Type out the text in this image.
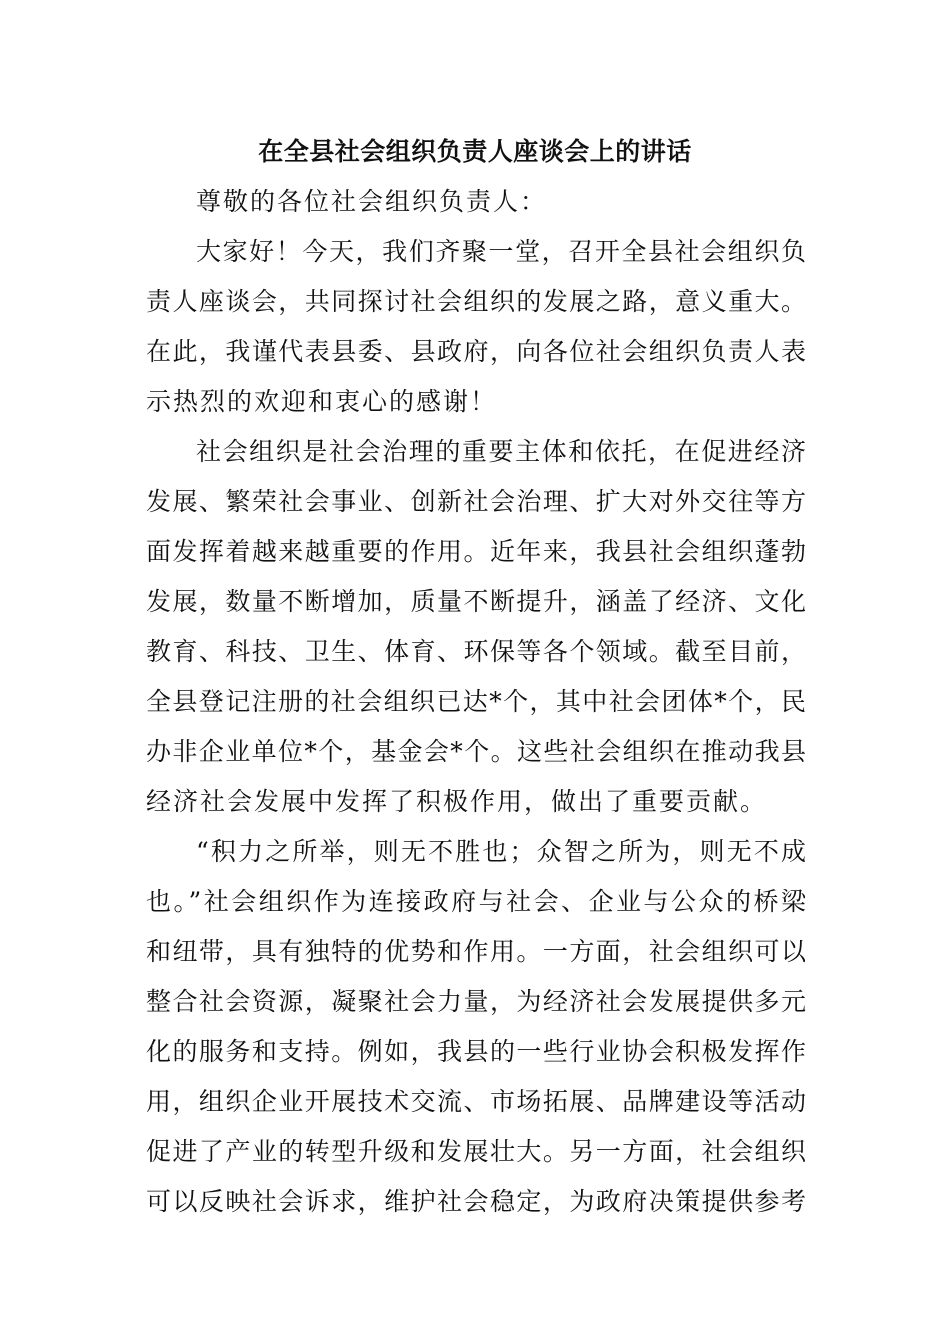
在全县社会组织负责人座谈会上的讲话
尊敬的各位社会组织负责人：
大家好！今天，我们齐聚一堂，召开全县社会组织负
责人座谈会，共同探讨社会组织的发展之路，意义重大。
在此，我谨代表县委、县政府，向各位社会组织负责人表
示热烈的欢迎和衷心的感谢！
社会组织是社会治理的重要主体和依托，在促进经济
发展、繁荣社会事业、创新社会治理、扩大对外交往等方
面发挥着越来越重要的作用。近年来，我县社会组织蓬勃
发展，数量不断增加，质量不断提升，涵盖了经济、文化
教育、科技、卫生、体育、环保等各个领域。截至目前，
全县登记注册的社会组织已达*个，其中社会团体*个，民
办非企业单位*个，基金会*个。这些社会组织在推动我县
经济社会发展中发挥了积极作用，做出了重要贡献。
“积力之所举，则无不胜也；众智之所为，则无不成
也。”社会组织作为连接政府与社会、企业与公众的桥梁
和纽带，具有独特的优势和作用。一方面，社会组织可以
整合社会资源，凝聚社会力量，为经济社会发展提供多元
化的服务和支持。例如，我县的一些行业协会积极发挥作
用，组织企业开展技术交流、市场拓展、品牌建设等活动
促进了产业的转型升级和发展壮大。另一方面，社会组织
可以反映社会诉求，维护社会稳定，为政府决策提供参考
